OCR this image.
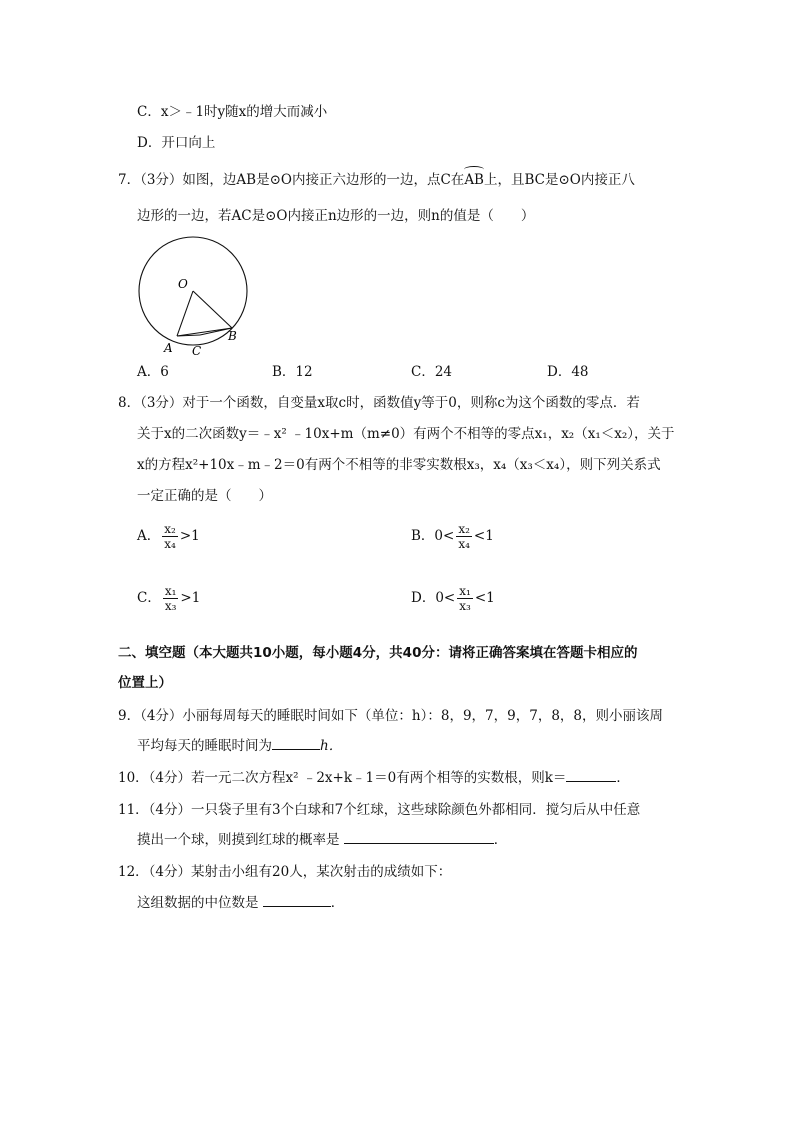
C．x＞﹣1时y随x的增大而减小
D．开口向上
7．（3分）如图，边AB是⊙O内接正六边形的一边，点C在AB上，且BC是⊙O内接正八
边形的一边，若AC是⊙O内接正n边形的一边，则n的值是（　　）
O
A
B
C
A．6	B．12	C．24	D．48
8．（3分）对于一个函数，自变量x取c时，函数值y等于0，则称c为这个函数的零点．若
关于x的二次函数y＝﹣x² ﹣10x+m（m≠0）有两个不相等的零点x₁，x₂（x₁＜x₂），关于
x的方程x²+10x﹣m﹣2＝0有两个不相等的非零实数根x₃，x₄（x₃＜x₄），则下列关系式
一定正确的是（　　）
A． $\frac{\text{x₂}}{\text{x₄}} >1$	B．$0< \frac{\text{x₂}}{\text{x₄}} <1$
C． $\frac{\text{x₁}}{\text{x₃}} >1$	D．$0< \frac{\text{x₁}}{\text{x₃}} <1$
二、填空题（本大题共10小题，每小题4分，共40分：请将正确答案填在答题卡相应的
位置上）
9．（4分）小丽每周每天的睡眠时间如下（单位：h）：8，9，7，9，7，8，8，则小丽该周
平均每天的睡眠时间为	h．
10．（4分）若一元二次方程x² ﹣2x+k﹣1＝0有两个相等的实数根，则k＝	．
11．（4分）一只袋子里有3个白球和7个红球，这些球除颜色外都相同．搅匀后从中任意
摸出一个球，则摸到红球的概率是	．
12．（4分）某射击小组有20人，某次射击的成绩如下：
这组数据的中位数是	．
